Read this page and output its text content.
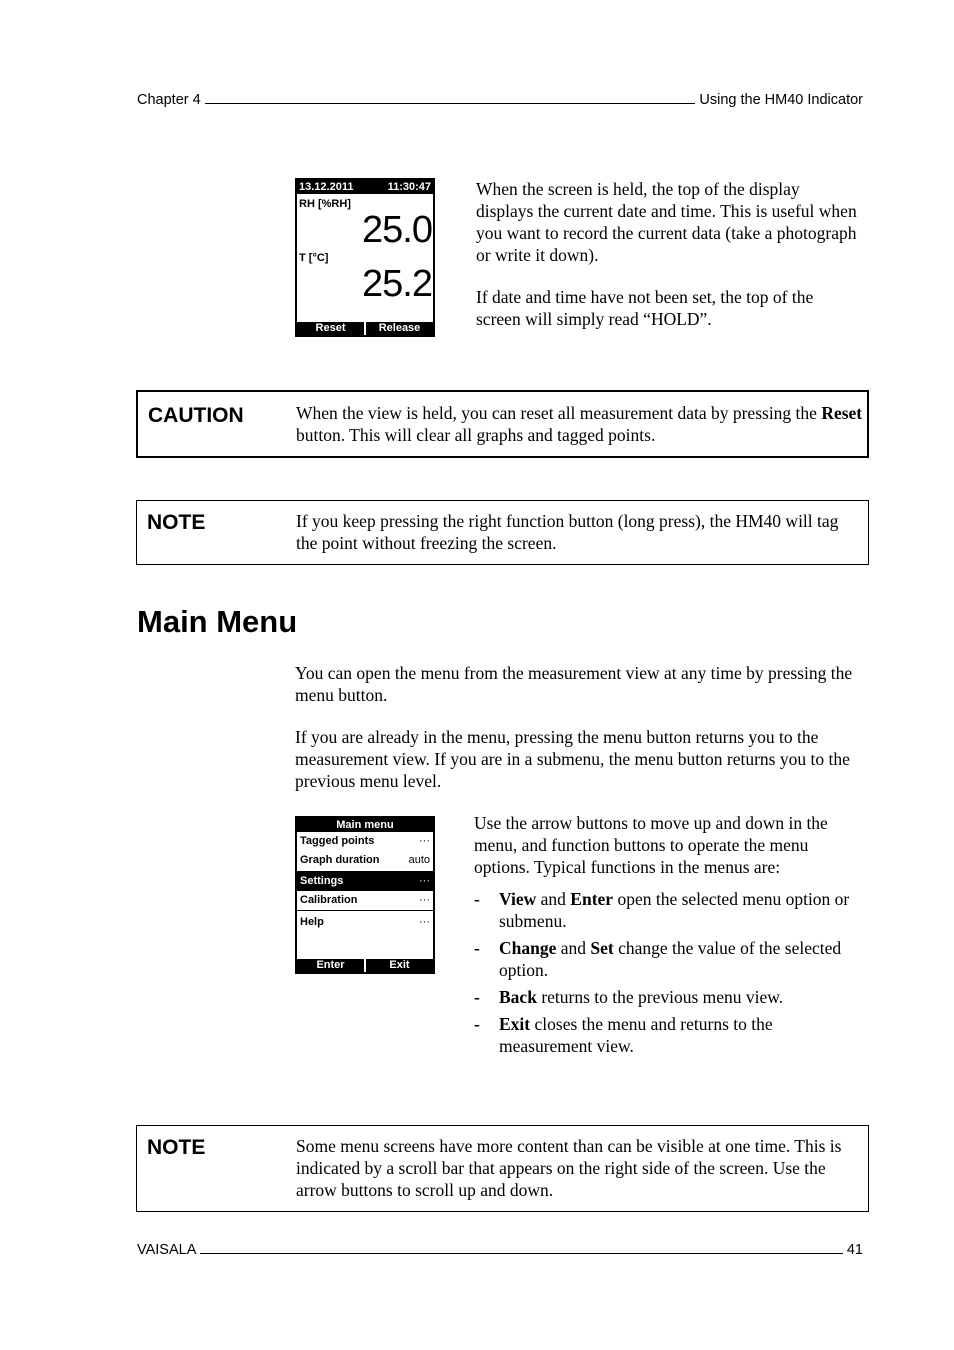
Chapter 4	Using the HM40 Indicator
13.12.2011	11:30:47
RH [%RH]
25.0
T [°C]
25.2
Reset	Release

When the screen is held, the top of the display displays the current date and time. This is useful when you want to record the current data (take a photograph or write it down).

If date and time have not been set, the top of the screen will simply read “HOLD”.

CAUTION	When the view is held, you can reset all measurement data by pressing the Reset button. This will clear all graphs and tagged points.
NOTE	If you keep pressing the right function button (long press), the HM40 will tag the point without freezing the screen.
Main Menu

You can open the menu from the measurement view at any time by pressing the menu button.

If you are already in the menu, pressing the menu button returns you to the measurement view. If you are in a submenu, the menu button returns you to the previous menu level.

Main menu
Tagged points	···
Graph duration	auto
Settings	···
Calibration	···
Help	···
Enter	Exit

Use the arrow buttons to move up and down in the menu, and function buttons to operate the menu options. Typical functions in the menus are:

- View and Enter open the selected menu option or submenu.
- Change and Set change the value of the selected option.
- Back returns to the previous menu view.
- Exit closes the menu and returns to the measurement view.
NOTE	Some menu screens have more content than can be visible at one time. This is indicated by a scroll bar that appears on the right side of the screen. Use the arrow buttons to scroll up and down.
VAISALA	41
